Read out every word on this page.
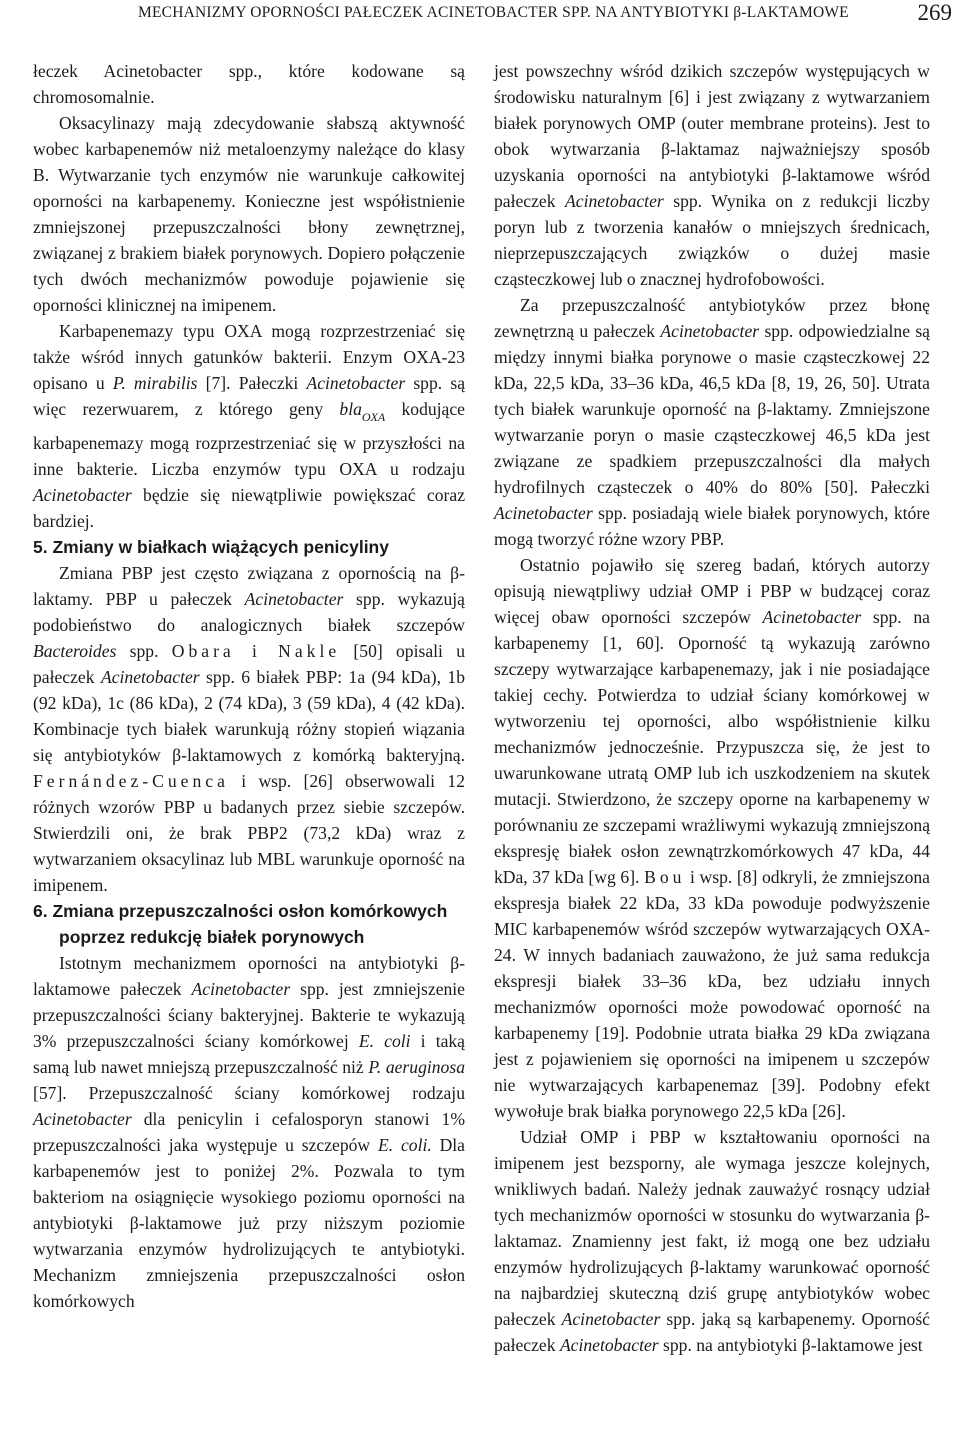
MECHANIZMY OPORNOŚCI PAŁECZEK ACINETOBACTER SPP. NA ANTYBIOTYKI β-LAKTAMOWE	269

łeczek Acinetobacter spp., które kodowane są chromosomalnie.

Oksacylinazy mają zdecydowanie słabszą aktywność wobec karbapenemów niż metaloenzymy należące do klasy B. Wytwarzanie tych enzymów nie warunkuje całkowitej oporności na karbapenemy. Konieczne jest współistnienie zmniejszonej przepuszczalności błony zewnętrznej, związanej z brakiem białek porynowych. Dopiero połączenie tych dwóch mechanizmów powoduje pojawienie się oporności klinicznej na imipenem.

Karbapenemazy typu OXA mogą rozprzestrzeniać się także wśród innych gatunków bakterii. Enzym OXA-23 opisano u P. mirabilis [7]. Pałeczki Acinetobacter spp. są więc rezerwuarem, z którego geny bla$_{OXA}$ kodujące karbapenemazy mogą rozprzestrzeniać się w przyszłości na inne bakterie. Liczba enzymów typu OXA u rodzaju Acinetobacter będzie się niewątpliwie powiększać coraz bardziej.

5. Zmiany w białkach wiążących penicyliny

Zmiana PBP jest często związana z opornością na β-laktamy. PBP u pałeczek Acinetobacter spp. wykazują podobieństwo do analogicznych białek szczepów Bacteroides spp. Obara i Nakle [50] opisali u pałeczek Acinetobacter spp. 6 białek PBP: 1a (94 kDa), 1b (92 kDa), 1c (86 kDa), 2 (74 kDa), 3 (59 kDa), 4 (42 kDa). Kombinacje tych białek warunkują różny stopień wiązania się antybiotyków β-laktamowych z komórką bakteryjną. Fernández-Cuenca i wsp. [26] obserwowali 12 różnych wzorów PBP u badanych przez siebie szczepów. Stwierdzili oni, że brak PBP2 (73,2 kDa) wraz z wytwarzaniem oksacylinaz lub MBL warunkuje oporność na imipenem.

6. Zmiana przepuszczalności osłon komórkowych poprzez redukcję białek porynowych

Istotnym mechanizmem oporności na antybiotyki β-laktamowe pałeczek Acinetobacter spp. jest zmniejszenie przepuszczalności ściany bakteryjnej. Bakterie te wykazują 3% przepuszczalności ściany komórkowej E. coli i taką samą lub nawet mniejszą przepuszczalność niż P. aeruginosa [57]. Przepuszczalność ściany komórkowej rodzaju Acinetobacter dla penicylin i cefalosporyn stanowi 1% przepuszczalności jaka występuje u szczepów E. coli. Dla karbapenemów jest to poniżej 2%. Pozwala to tym bakteriom na osiągnięcie wysokiego poziomu oporności na antybiotyki β-laktamowe już przy niższym poziomie wytwarzania enzymów hydrolizujących te antybiotyki. Mechanizm zmniejszenia przepuszczalności osłon komórkowych

jest powszechny wśród dzikich szczepów występujących w środowisku naturalnym [6] i jest związany z wytwarzaniem białek porynowych OMP (outer membrane proteins). Jest to obok wytwarzania β-laktamaz najważniejszy sposób uzyskania oporności na antybiotyki β-laktamowe wśród pałeczek Acinetobacter spp. Wynika on z redukcji liczby poryn lub z tworzenia kanałów o mniejszych średnicach, nieprzepuszczających związków o dużej masie cząsteczkowej lub o znacznej hydrofobowości.

Za przepuszczalność antybiotyków przez błonę zewnętrzną u pałeczek Acinetobacter spp. odpowiedzialne są między innymi białka porynowe o masie cząsteczkowej 22 kDa, 22,5 kDa, 33–36 kDa, 46,5 kDa [8, 19, 26, 50]. Utrata tych białek warunkuje oporność na β-laktamy. Zmniejszone wytwarzanie poryn o masie cząsteczkowej 46,5 kDa jest związane ze spadkiem przepuszczalności dla małych hydrofilnych cząsteczek o 40% do 80% [50]. Pałeczki Acinetobacter spp. posiadają wiele białek porynowych, które mogą tworzyć różne wzory PBP.

Ostatnio pojawiło się szereg badań, których autorzy opisują niewątpliwy udział OMP i PBP w budzącej coraz więcej obaw oporności szczepów Acinetobacter spp. na karbapenemy [1, 60]. Oporność tą wykazują zarówno szczepy wytwarzające karbapenemazy, jak i nie posiadające takiej cechy. Potwierdza to udział ściany komórkowej w wytworzeniu tej oporności, albo współistnienie kilku mechanizmów jednocześnie. Przypuszcza się, że jest to uwarunkowane utratą OMP lub ich uszkodzeniem na skutek mutacji. Stwierdzono, że szczepy oporne na karbapenemy w porównaniu ze szczepami wrażliwymi wykazują zmniejszoną ekspresję białek osłon zewnątrzkomórkowych 47 kDa, 44 kDa, 37 kDa [wg 6]. Bou i wsp. [8] odkryli, że zmniejszona ekspresja białek 22 kDa, 33 kDa powoduje podwyższenie MIC karbapenemów wśród szczepów wytwarzających OXA-24. W innych badaniach zauważono, że już sama redukcja ekspresji białek 33–36 kDa, bez udziału innych mechanizmów oporności może powodować oporność na karbapenemy [19]. Podobnie utrata białka 29 kDa związana jest z pojawieniem się oporności na imipenem u szczepów nie wytwarzających karbapenemaz [39]. Podobny efekt wywołuje brak białka porynowego 22,5 kDa [26].

Udział OMP i PBP w kształtowaniu oporności na imipenem jest bezsporny, ale wymaga jeszcze kolejnych, wnikliwych badań. Należy jednak zauważyć rosnący udział tych mechanizmów oporności w stosunku do wytwarzania β-laktamaz. Znamienny jest fakt, iż mogą one bez udziału enzymów hydrolizujących β-laktamy warunkować oporność na najbardziej skuteczną dziś grupę antybiotyków wobec pałeczek Acinetobacter spp. jaką są karbapenemy. Oporność pałeczek Acinetobacter spp. na antybiotyki β-laktamowe jest
